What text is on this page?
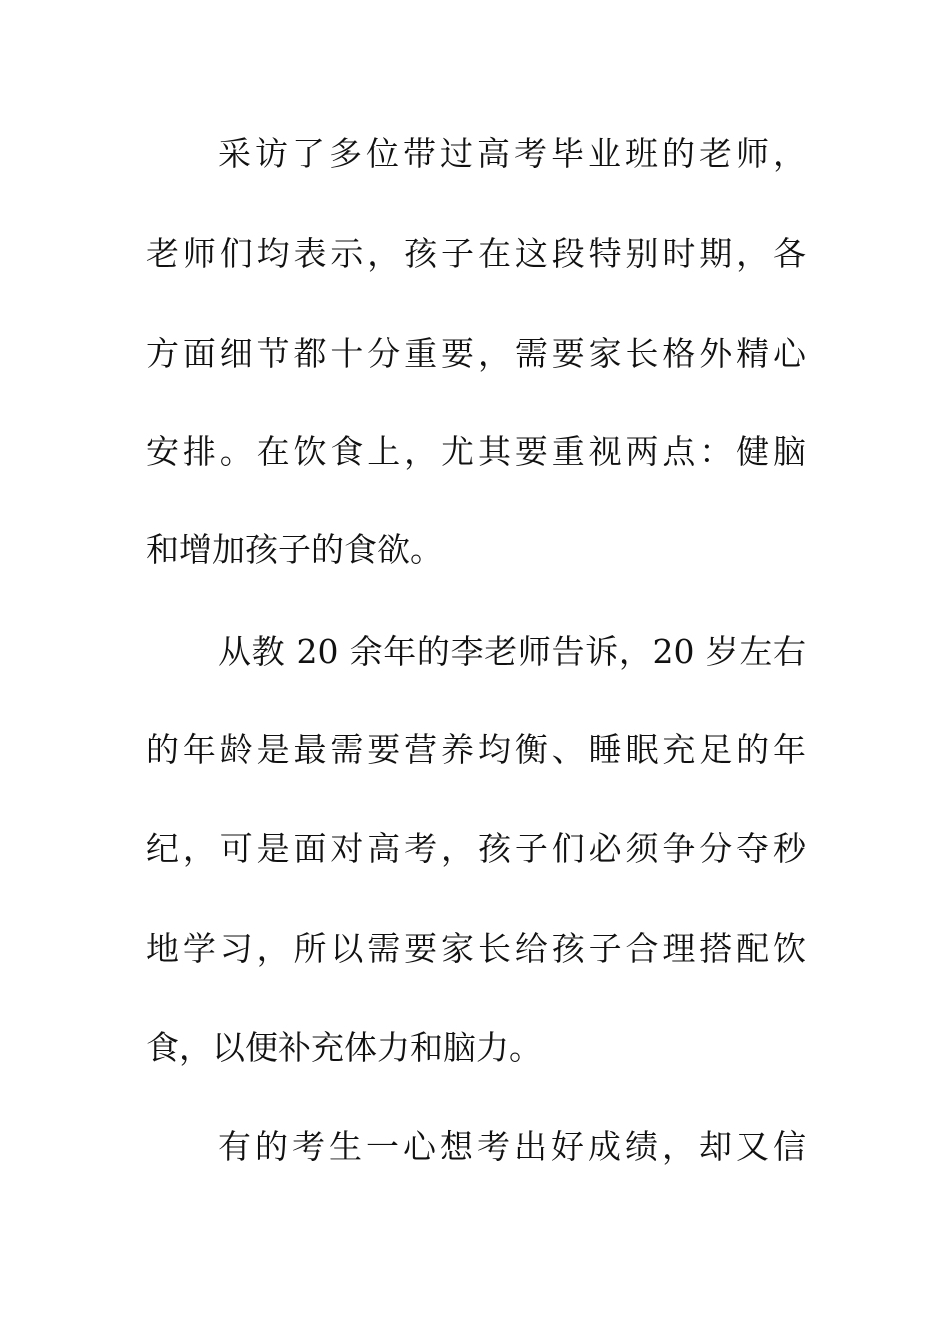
采访了多位带过高考毕业班的老师，
老师们均表示，孩子在这段特别时期，各
方面细节都十分重要，需要家长格外精心
安排。在饮食上，尤其要重视两点：健脑
和增加孩子的食欲。
从教 20 余年的李老师告诉，20 岁左右
的年龄是最需要营养均衡、睡眠充足的年
纪，可是面对高考，孩子们必须争分夺秒
地学习，所以需要家长给孩子合理搭配饮
食，以便补充体力和脑力。
有的考生一心想考出好成绩，却又信
